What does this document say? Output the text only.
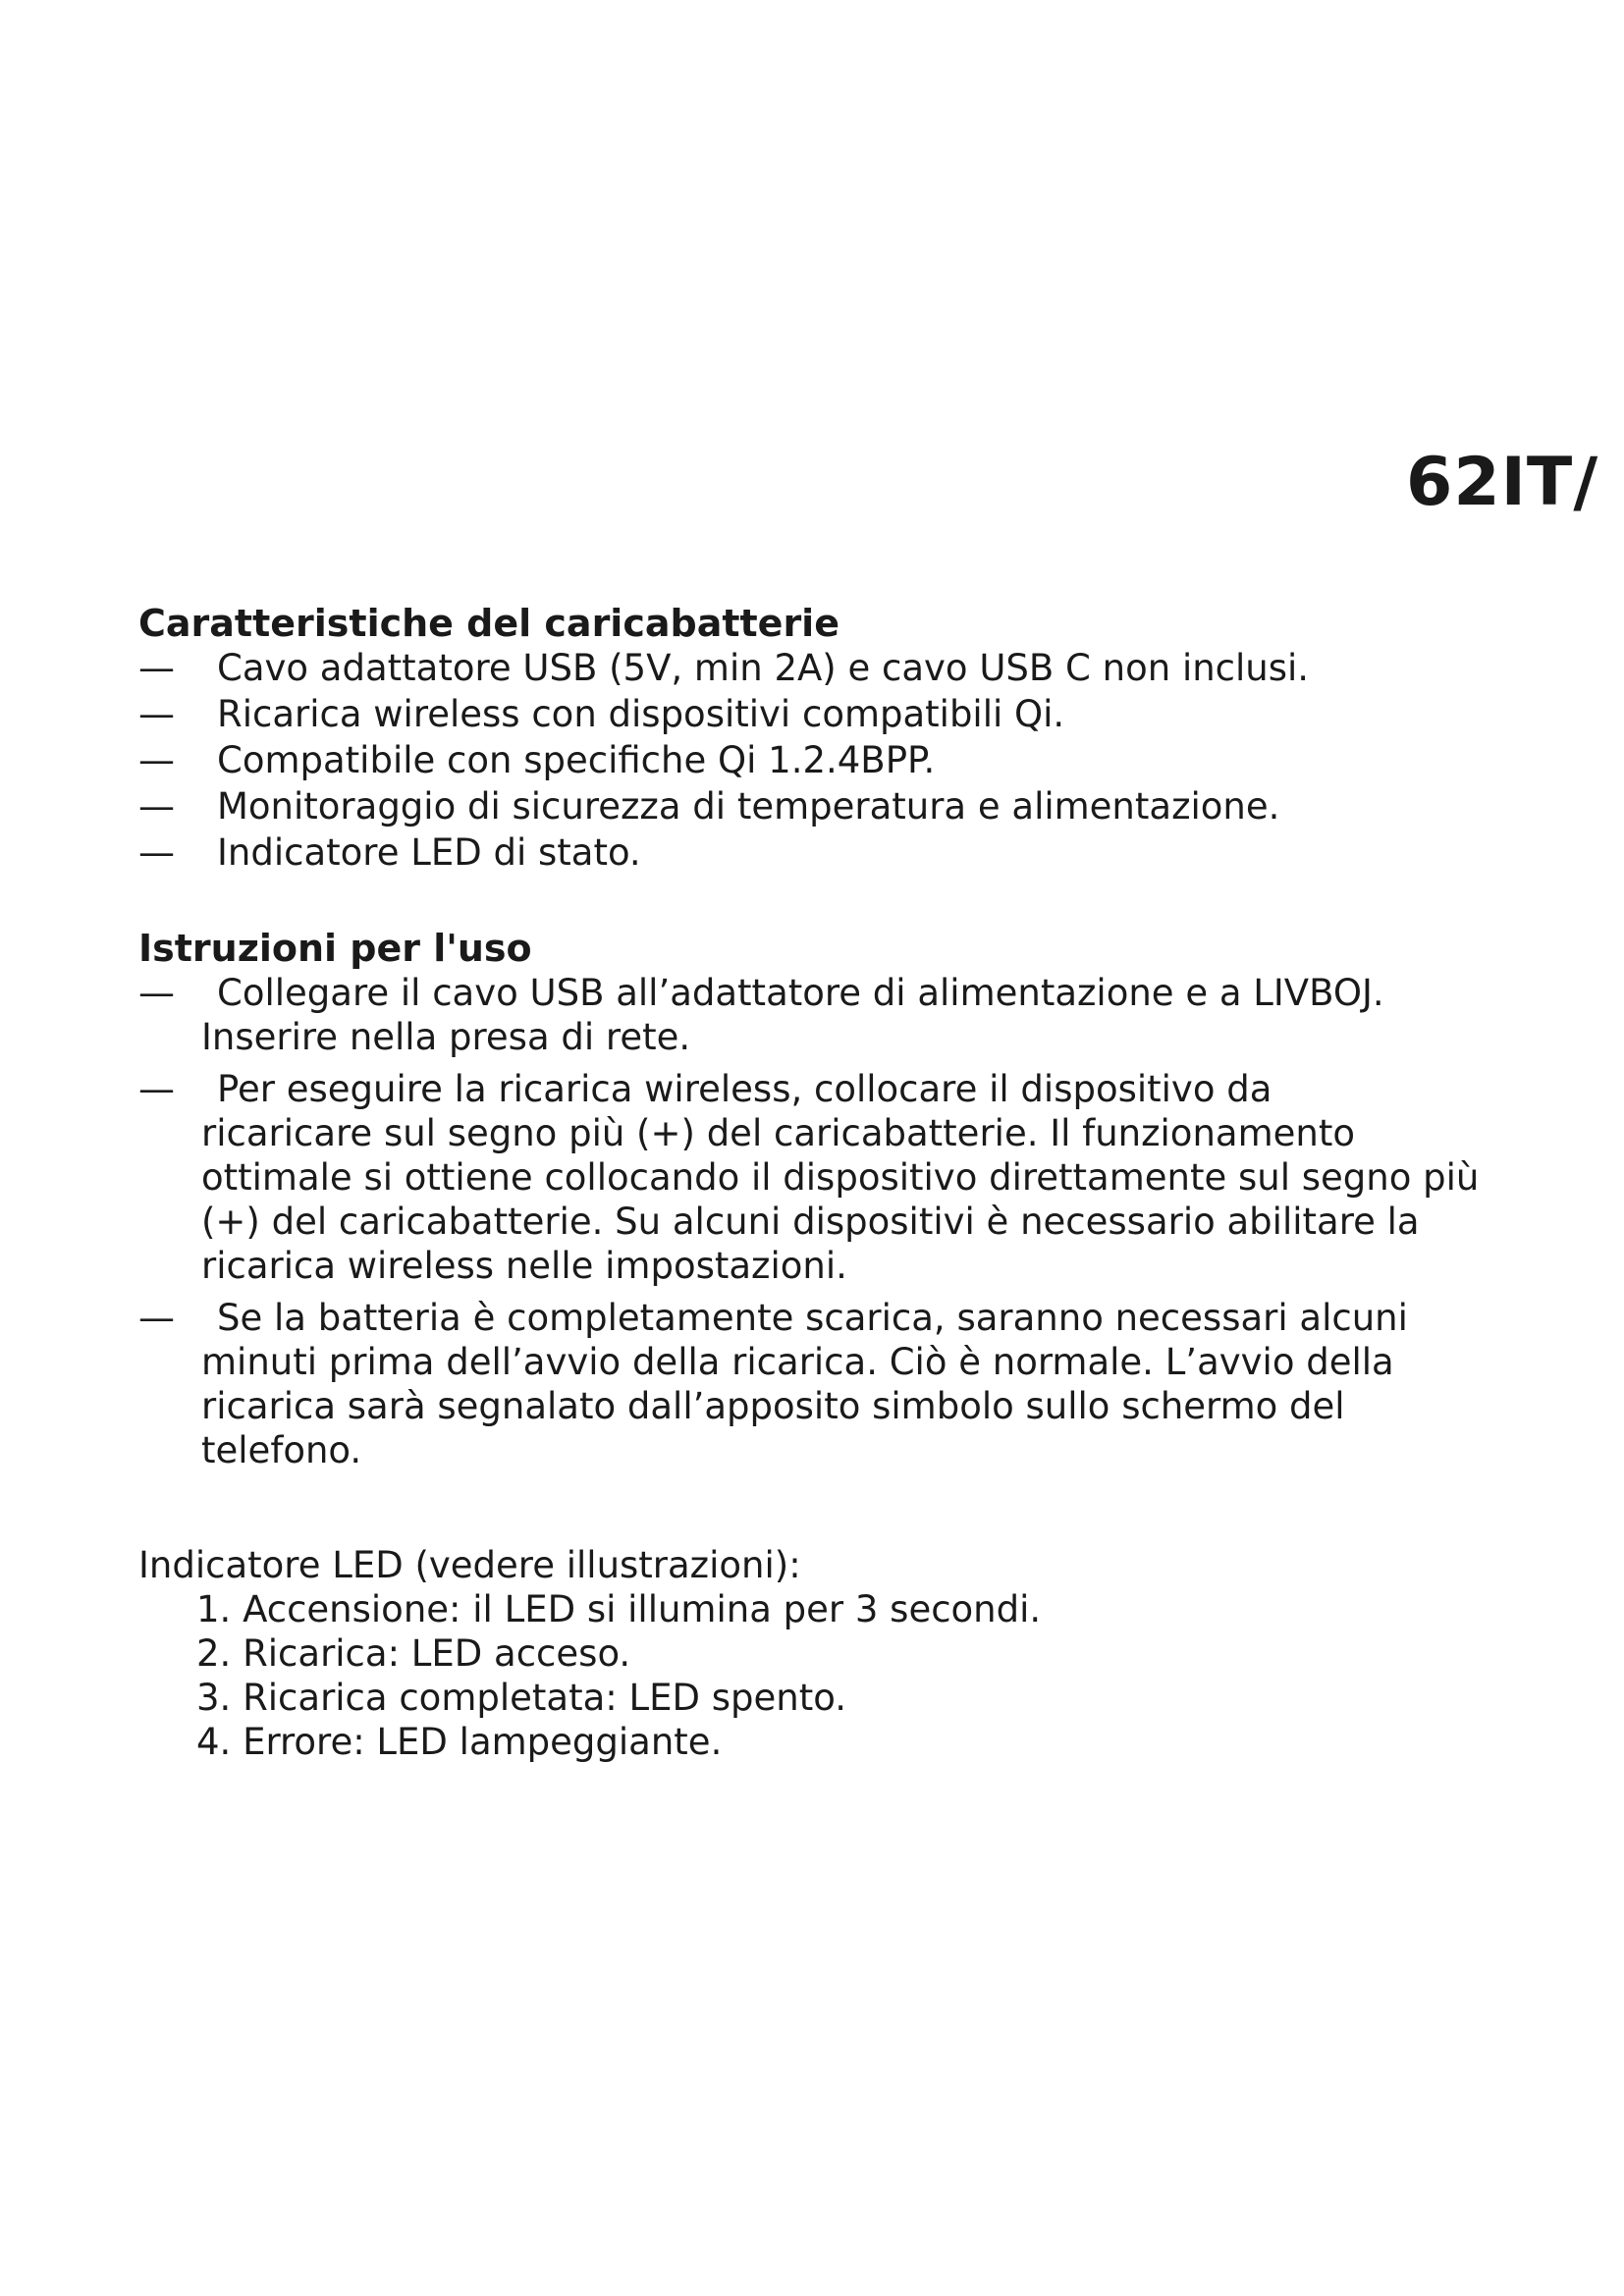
62IT/
Caratteristiche del caricabatterie
—	Cavo adattatore USB (5V, min 2A) e cavo USB C non inclusi.
—	Ricarica wireless con dispositivi compatibili Qi.
—	Compatibile con specifiche Qi 1.2.4BPP.
—	Monitoraggio di sicurezza di temperatura e alimentazione.
—	Indicatore LED di stato.
Istruzioni per l'uso
—	Collegare il cavo USB all’adattatore di alimentazione e a LIVBOJ.
Inserire nella presa di rete.
—	Per eseguire la ricarica wireless, collocare il dispositivo da
ricaricare sul segno più (+) del caricabatterie. Il funzionamento ottimale si ottiene collocando il dispositivo direttamente sul segno più (+) del caricabatterie. Su alcuni dispositivi è necessario abilitare la ricarica wireless nelle impostazioni.
—	Se la batteria è completamente scarica, saranno necessari alcuni
minuti prima dell’avvio della ricarica. Ciò è normale. L’avvio della ricarica sarà segnalato dall’apposito simbolo sullo schermo del telefono.

Indicatore LED (vedere illustrazioni):

1. Accensione: il LED si illumina per 3 secondi.
2. Ricarica: LED acceso.
3. Ricarica completata: LED spento.
4. Errore: LED lampeggiante.
